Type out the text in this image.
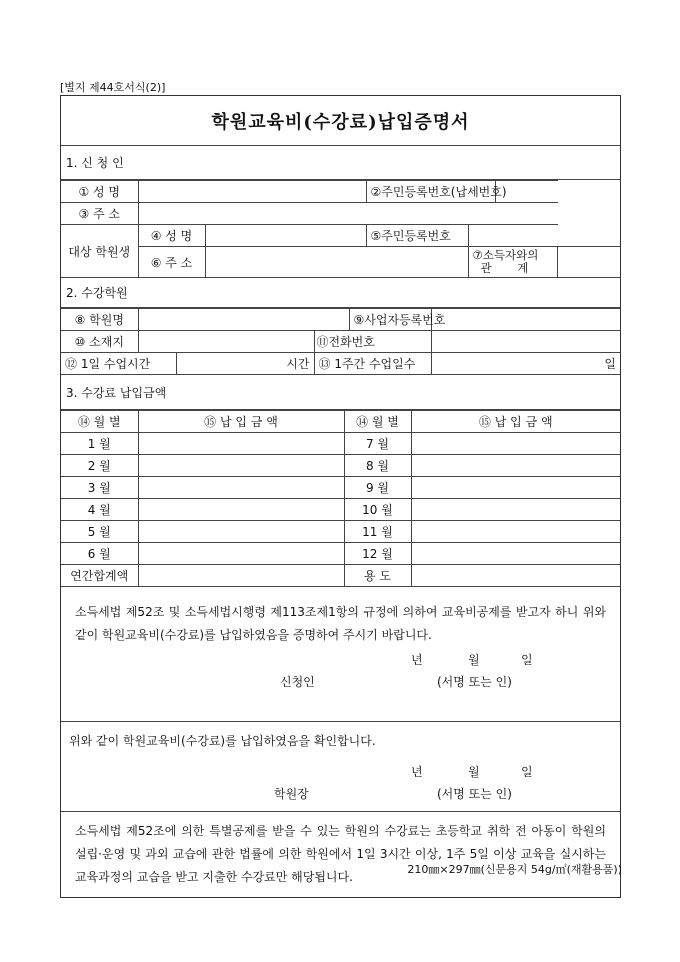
[별지 제44호서식(2)]
학원교육비(수강료)납입증명서
1. 신 청 인
① 성 명			②주민등록번호(납세번호)			
③ 주 소						
대상 학원생	④ 성 명		⑤주민등록번호			
	⑥ 주 소			⑦소득자와의
관       계		

2. 수강학원
⑧ 학원명				⑨사업자등록번호	
⑩ 소재지			⑪전화번호		
⑫ 1일 수업시간		시간	⑬ 1주간 수업일수		일
3. 수강료 납입금액
⑭ 월 별	⑮ 납 입 금 액	⑭ 월 별	⑮ 납 입 금 액
1 월		7 월	
2 월		8 월	
3 월		9 월	
4 월		10 월	
5 월		11 월	
6 월		12 월	
연간합계액		용 도	

소득세법 제52조 및 소득세법시행령 제113조제1항의 규정에 의하여 교육비공제를 받고자 하니 위와 같이 학원교육비(수강료)를 납입하였음을 증명하여 주시기 바랍니다.

년	월	일
신청인	(서명 또는 인)

위와 같이 학원교육비(수강료)를 납입하였음을 확인합니다.

년	월	일
학원장	(서명 또는 인)
소득세법 제52조에 의한 특별공제를 받을 수 있는 학원의 수강료는 초등학교 취학 전 아동이 학원의 설립·운영 및 과외 교습에 관한 법률에 의한 학원에서 1일 3시간 이상, 1주 5일 이상 교육을 실시하는 교육과정의 교습을 받고 지출한 수강료만 해당됩니다.
210㎜×297㎜(신문용지 54g/㎡(재활용품))
